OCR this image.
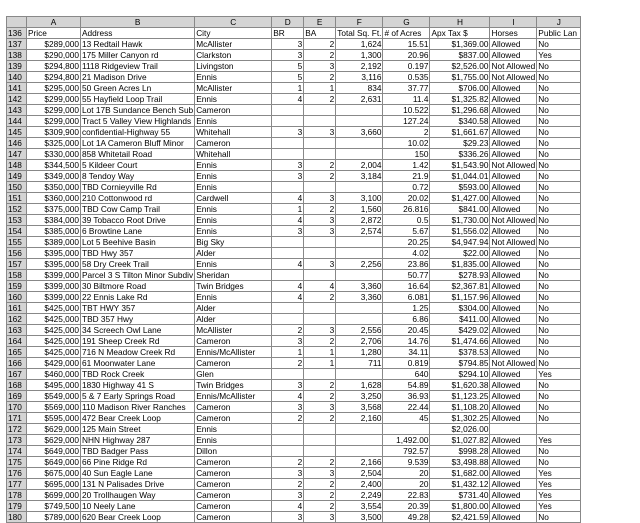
	A	B	C	D	E	F	G	H	I	J
136	Price	Address	City	BR	BA	Total Sq. Ft.	# of Acres	Apx Tax $	Horses	Public Lan
137	$289,000	13 Redtail Hawk	McAllister	3	2	1,624	15.51	$1,369.00	Allowed	No
138	$290,000	175 Miller Canyon rd	Clarkston	3	2	1,300	20.96	$837.00	Allowed	Yes
139	$294,800	1118 Ridgeview Trail	Livingston	5	3	2,192	0.197	$2,526.00	Not Allowed	No
140	$294,800	21 Madison Drive	Ennis	5	2	3,116	0.535	$1,755.00	Not Allowed	No
141	$295,000	50 Green Acres Ln	McAllister	1	1	834	37.77	$706.00	Allowed	No
142	$299,000	55 Hayfield Loop Trail	Ennis	4	2	2,631	11.4	$1,325.82	Allowed	No
143	$299,000	Lot 17B Sundance Bench Sub	Cameron				10.522	$1,296.68	Allowed	No
144	$299,000	Tract 5 Valley View Highlands	Ennis				127.24	$340.58	Allowed	No
145	$309,900	confidential-Highway 55	Whitehall	3	3	3,660	2	$1,661.67	Allowed	No
146	$325,000	Lot 1A Cameron Bluff Minor	Cameron				10.02	$29.23	Allowed	No
147	$330,000	858 Whitetail Road	Whitehall				150	$336.26	Allowed	No
148	$344,500	5 Kildeer Court	Ennis	3	2	2,004	1.42	$1,543.90	Not Allowed	No
149	$349,000	8 Tendoy Way	Ennis	3	2	3,184	21.9	$1,044.01	Allowed	No
150	$350,000	TBD Cornieyville Rd	Ennis				0.72	$593.00	Allowed	No
151	$360,000	210 Cottonwood rd	Cardwell	4	3	3,100	20.02	$1,427.00	Allowed	No
152	$375,000	TBD Cow Camp Trail	Ennis	1	2	1,560	26.816	$841.00	Allowed	No
153	$384,000	39 Tobacco Root Drive	Ennis	4	3	2,872	0.5	$1,730.00	Not Allowed	No
154	$385,000	6 Browtine Lane	Ennis	3	3	2,574	5.67	$1,556.02	Allowed	No
155	$389,000	Lot 5 Beehive Basin	Big Sky				20.25	$4,947.94	Not Allowed	No
156	$395,000	TBD Hwy 357	Alder				4.02	$22.00	Allowed	No
157	$395,000	58 Dry Creek Trail	Ennis	4	3	2,256	23.86	$1,835.00	Allowed	No
158	$399,000	Parcel 3 S Tilton Minor Subdiv	Sheridan				50.77	$278.93	Allowed	No
159	$399,000	30 Biltmore Road	Twin Bridges	4	4	3,360	16.64	$2,367.81	Allowed	No
160	$399,000	22 Ennis Lake Rd	Ennis	4	2	3,360	6.081	$1,157.96	Allowed	No
161	$425,000	TBT HWY 357	Alder				1.25	$304.00	Allowed	No
162	$425,000	TBD 357 Hwy	Alder				6.86	$411.00	Allowed	No
163	$425,000	34 Screech Owl Lane	McAllister	2	3	2,556	20.45	$429.02	Allowed	No
164	$425,000	191 Sheep Creek Rd	Cameron	3	2	2,706	14.76	$1,474.66	Allowed	No
165	$425,000	716 N Meadow Creek Rd	Ennis/McAllister	1	1	1,280	34.11	$378.53	Allowed	No
166	$429,000	61 Moonwater Lane	Cameron	2	1	711	0.819	$794.85	Not Allowed	No
167	$460,000	TBD Rock Creek	Glen				640	$294.10	Allowed	Yes
168	$495,000	1830 Highway 41 S	Twin Bridges	3	2	1,628	54.89	$1,620.38	Allowed	No
169	$549,000	5 & 7 Early Springs Road	Ennis/McAllister	4	2	3,250	36.93	$1,123.25	Allowed	No
170	$569,000	110 Madison River Ranches	Cameron	3	3	3,568	22.44	$1,108.20	Allowed	No
171	$595,000	472 Bear Creek Loop	Cameron	2	2	2,160	45	$1,302.25	Allowed	No
172	$629,000	125 Main Street	Ennis					$2,026.00		
173	$629,000	NHN Highway 287	Ennis				1,492.00	$1,027.82	Allowed	Yes
174	$649,000	TBD Badger Pass	Dillon				792.57	$998.28	Allowed	No
175	$649,000	66 Pine Ridge Rd	Cameron	2	2	2,166	9.539	$3,498.88	Allowed	No
176	$675,000	40 Sun Eagle Lane	Cameron	3	3	2,504	20	$1,682.00	Allowed	Yes
177	$695,000	131 N Palisades Drive	Cameron	2	2	2,400	20	$1,432.12	Allowed	Yes
178	$699,000	20 Trollhaugen Way	Cameron	3	2	2,249	22.83	$731.40	Allowed	Yes
179	$749,500	10 Neely Lane	Cameron	4	2	3,554	20.39	$1,800.00	Allowed	Yes
180	$789,000	620 Bear Creek Loop	Cameron	3	3	3,500	49.28	$2,421.59	Allowed	No
